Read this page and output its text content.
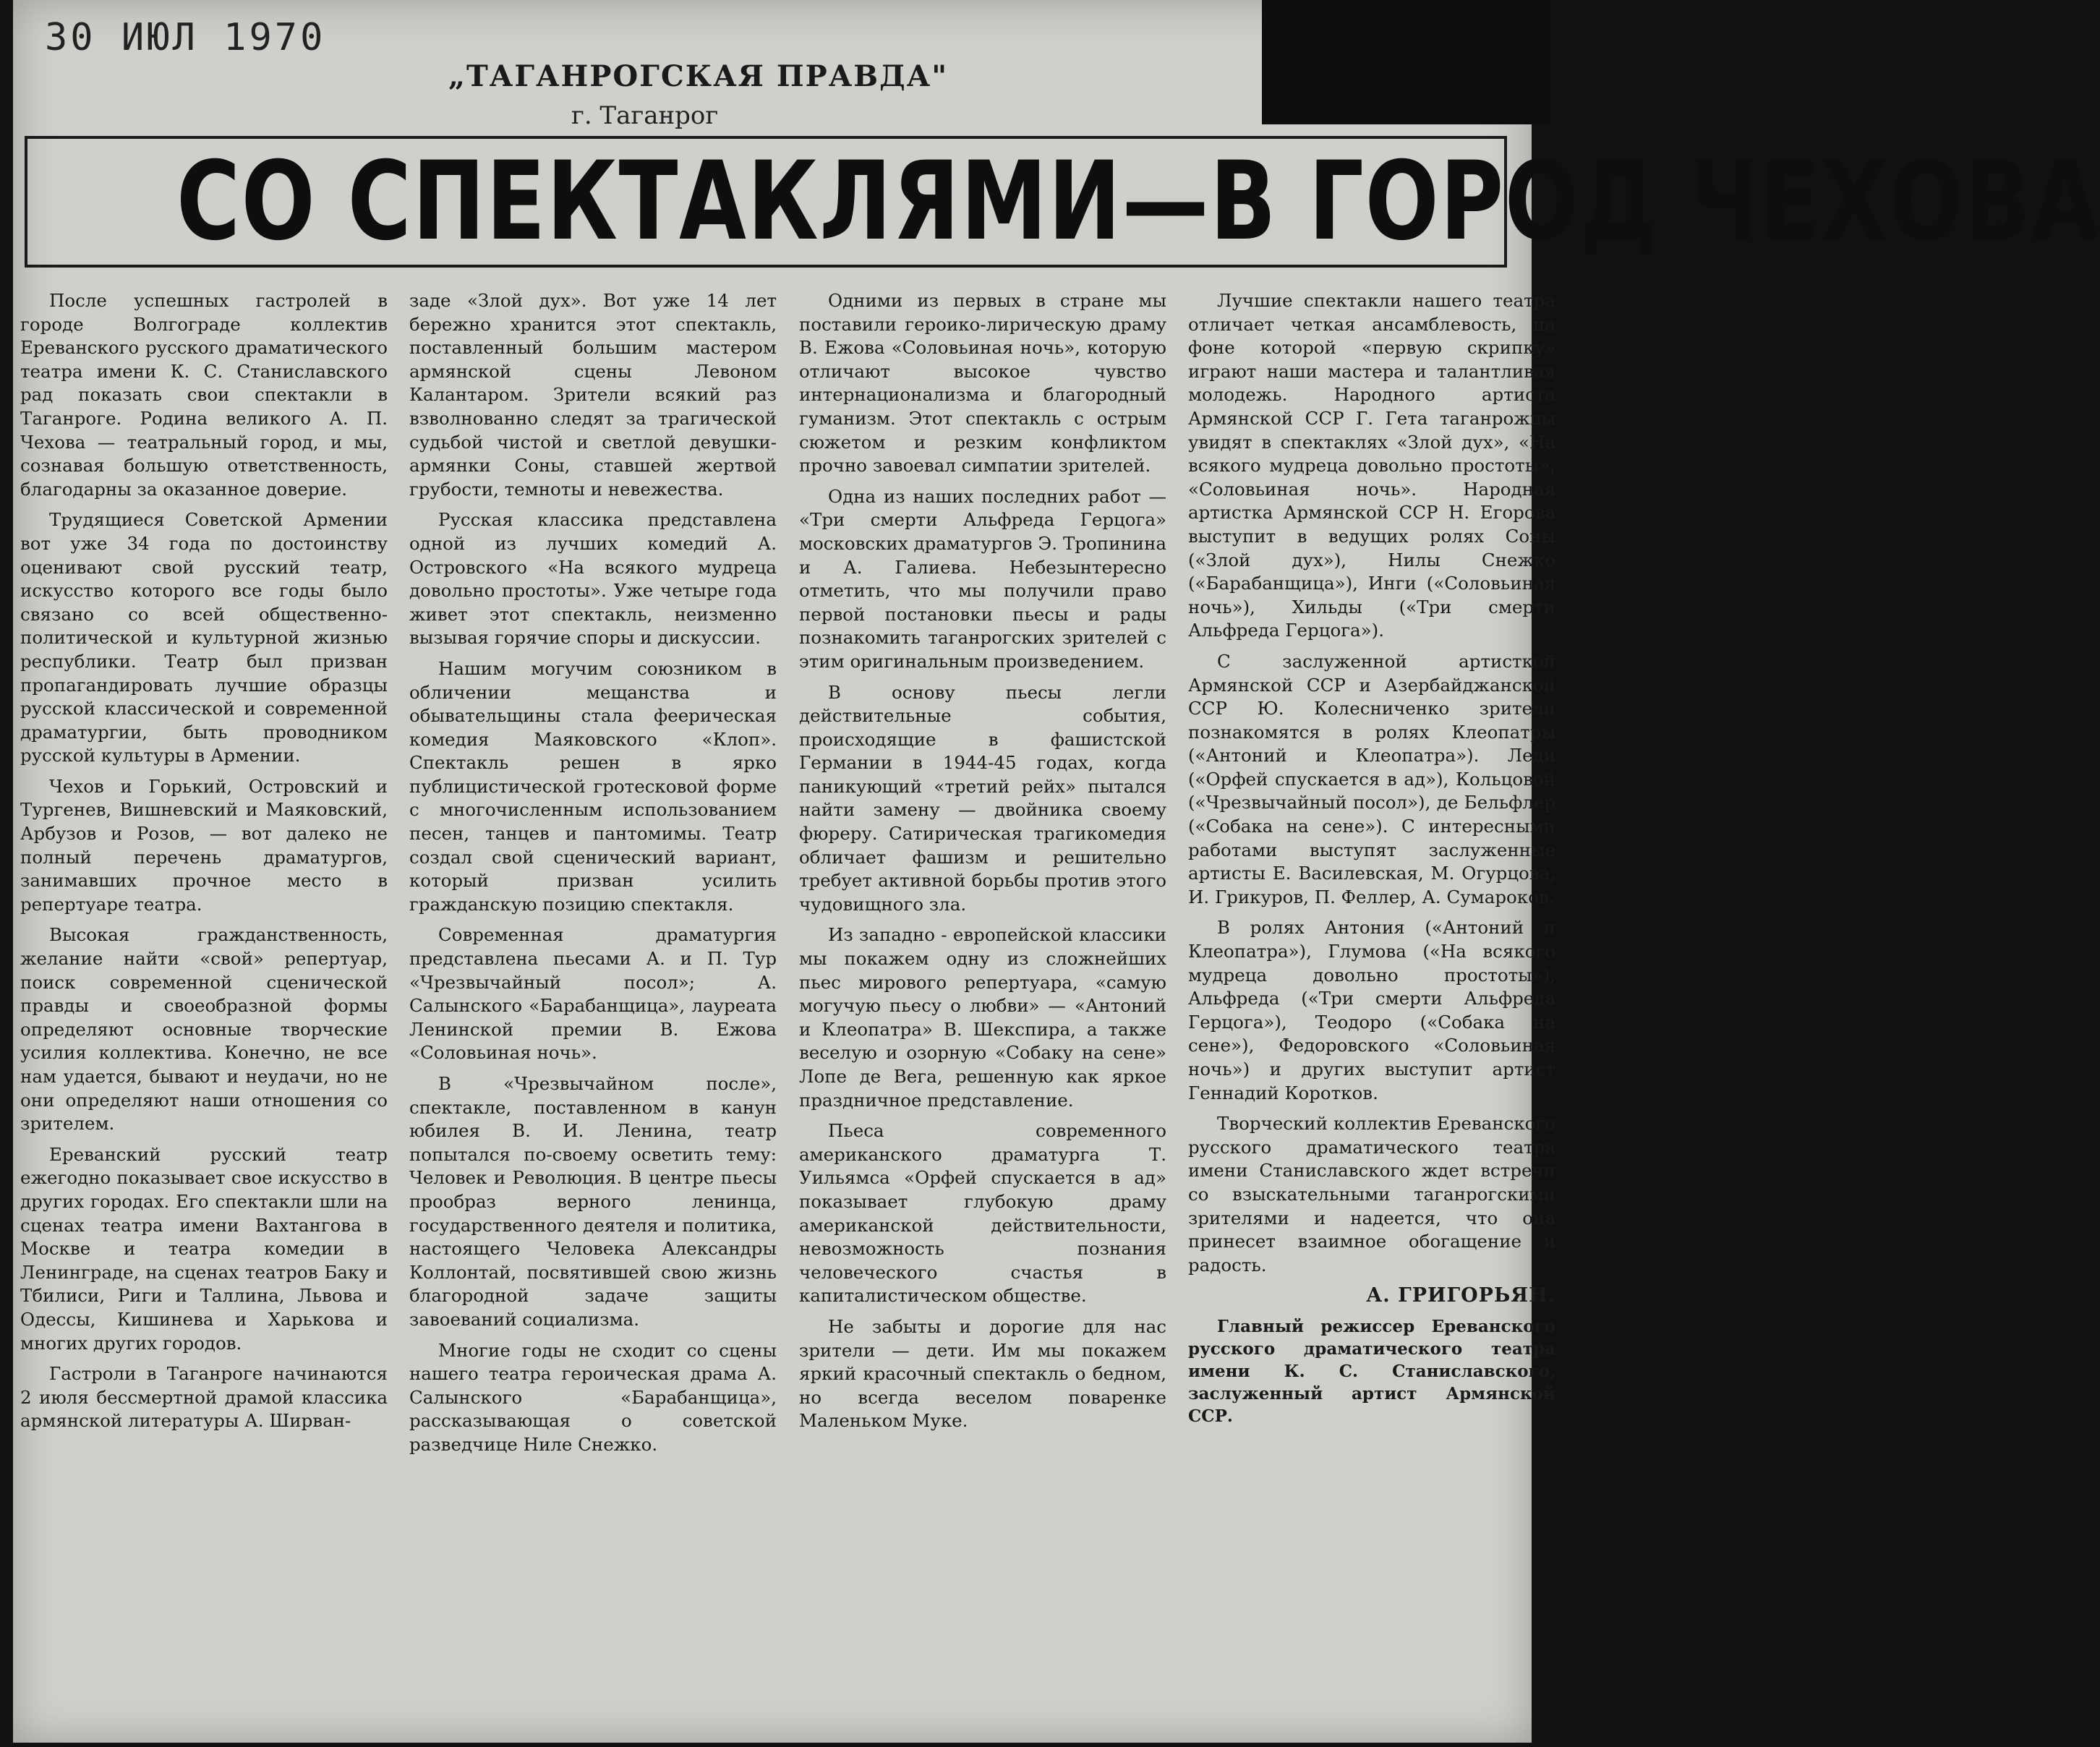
30 ИЮЛ 1970
„ТАГАНРОГСКАЯ ПРАВДА"
г. Таганрог
СО СПЕКТАКЛЯМИ—В ГОРОД ЧЕХОВА

После успешных гастролей в городе Волгограде коллектив Ереванского русского драматического театра имени К. С. Станиславского рад показать свои спектакли в Таганроге. Родина великого А. П. Чехова — театральный город, и мы, сознавая большую ответственность, благодарны за оказанное доверие.

Трудящиеся Советской Армении вот уже 34 года по достоинству оценивают свой русский театр, искусство которого все годы было связано со всей общественно-политической и культурной жизнью республики. Театр был призван пропагандировать лучшие образцы русской классической и современной драматургии, быть проводником русской культуры в Армении.

Чехов и Горький, Островский и Тургенев, Вишневский и Маяковский, Арбузов и Розов, — вот далеко не полный перечень драматургов, занимавших прочное место в репертуаре театра.

Высокая гражданственность, желание найти «свой» репертуар, поиск современной сценической правды и своеобразной формы определяют основные творческие усилия коллектива. Конечно, не все нам удается, бывают и неудачи, но не они определяют наши отношения со зрителем.

Ереванский русский театр ежегодно показывает свое искусство в других городах. Его спектакли шли на сценах театра имени Вахтангова в Москве и театра комедии в Ленинграде, на сценах театров Баку и Тбилиси, Риги и Таллина, Львова и Одессы, Кишинева и Харькова и многих других городов.

Гастроли в Таганроге начинаются 2 июля бессмертной драмой классика армянской литературы А. Ширван-

заде «Злой дух». Вот уже 14 лет бережно хранится этот спектакль, поставленный большим мастером армянской сцены Левоном Калантаром. Зрители всякий раз взволнованно следят за трагической судьбой чистой и светлой девушки-армянки Соны, ставшей жертвой грубости, темноты и невежества.

Русская классика представлена одной из лучших комедий А. Островского «На всякого мудреца довольно простоты». Уже четыре года живет этот спектакль, неизменно вызывая горячие споры и дискуссии.

Нашим могучим союзником в обличении мещанства и обывательщины стала феерическая комедия Маяковского «Клоп». Спектакль решен в ярко публицистической гротесковой форме с многочисленным использованием песен, танцев и пантомимы. Театр создал свой сценический вариант, который призван усилить гражданскую позицию спектакля.

Современная драматургия представлена пьесами А. и П. Тур «Чрезвычайный посол»; А. Салынского «Барабанщица», лауреата Ленинской премии В. Ежова «Соловьиная ночь».

В «Чрезвычайном после», спектакле, поставленном в канун юбилея В. И. Ленина, театр попытался по-своему осветить тему: Человек и Революция. В центре пьесы прообраз верного ленинца, государственного деятеля и политика, настоящего Человека Александры Коллонтай, посвятившей свою жизнь благородной задаче защиты завоеваний социализма.

Многие годы не сходит со сцены нашего театра героическая драма А. Салынского «Барабанщица», рассказывающая о советской разведчице Ниле Снежко.

Одними из первых в стране мы поставили героико-лирическую драму В. Ежова «Соловьиная ночь», которую отличают высокое чувство интернационализма и благородный гуманизм. Этот спектакль с острым сюжетом и резким конфликтом прочно завоевал симпатии зрителей.

Одна из наших последних работ — «Три смерти Альфреда Герцога» московских драматургов Э. Тропинина и А. Галиева. Небезынтересно отметить, что мы получили право первой постановки пьесы и рады познакомить таганрогских зрителей с этим оригинальным произведением.

В основу пьесы легли действительные события, происходящие в фашистской Германии в 1944-45 годах, когда паникующий «третий рейх» пытался найти замену — двойника своему фюреру. Сатирическая трагикомедия обличает фашизм и решительно требует активной борьбы против этого чудовищного зла.

Из западно - европейской классики мы покажем одну из сложнейших пьес мирового репертуара, «самую могучую пьесу о любви» — «Антоний и Клеопатра» В. Шекспира, а также веселую и озорную «Собаку на сене» Лопе де Вега, решенную как яркое праздничное представление.

Пьеса современного американского драматурга Т. Уильямса «Орфей спускается в ад» показывает глубокую драму американской действительности, невозможность познания человеческого счастья в капиталистическом обществе.

Не забыты и дорогие для нас зрители — дети. Им мы покажем яркий красочный спектакль о бедном, но всегда веселом поваренке Маленьком Муке.

Лучшие спектакли нашего театра отличает четкая ансамблевость, на фоне которой «первую скрипку» играют наши мастера и талантливая молодежь. Народного артиста Армянской ССР Г. Гета таганрожцы увидят в спектаклях «Злой дух», «На всякого мудреца довольно простоты», «Соловьиная ночь». Народная артистка Армянской ССР Н. Егорова выступит в ведущих ролях Соны («Злой дух»), Нилы Снежко («Барабанщица»), Инги («Соловьиная ночь»), Хильды («Три смерти Альфреда Герцога»).

С заслуженной артисткой Армянской ССР и Азербайджанской ССР Ю. Колесниченко зрители познакомятся в ролях Клеопатры («Антоний и Клеопатра»). Леди («Орфей спускается в ад»), Кольцовой («Чрезвычайный посол»), де Бельфлер («Собака на сене»). С интересными работами выступят заслуженные артисты Е. Василевская, М. Огурцова, И. Грикуров, П. Феллер, А. Сумароков.

В ролях Антония («Антоний и Клеопатра»), Глумова («На всякого мудреца довольно простоты»), Альфреда («Три смерти Альфреда Герцога»), Теодоро («Собака на сене»), Федоровского «Соловьиная ночь») и других выступит артист Геннадий Коротков.

Творческий коллектив Ереванского русского драматического театра имени Станиславского ждет встречи со взыскательными таганрогскими зрителями и надеется, что она принесет взаимное обогащение и радость.

А. ГРИГОРЬЯН.

Главный режиссер Ереванского русского драматического театра имени К. С. Станиславского, заслуженный артист Армянской ССР.
